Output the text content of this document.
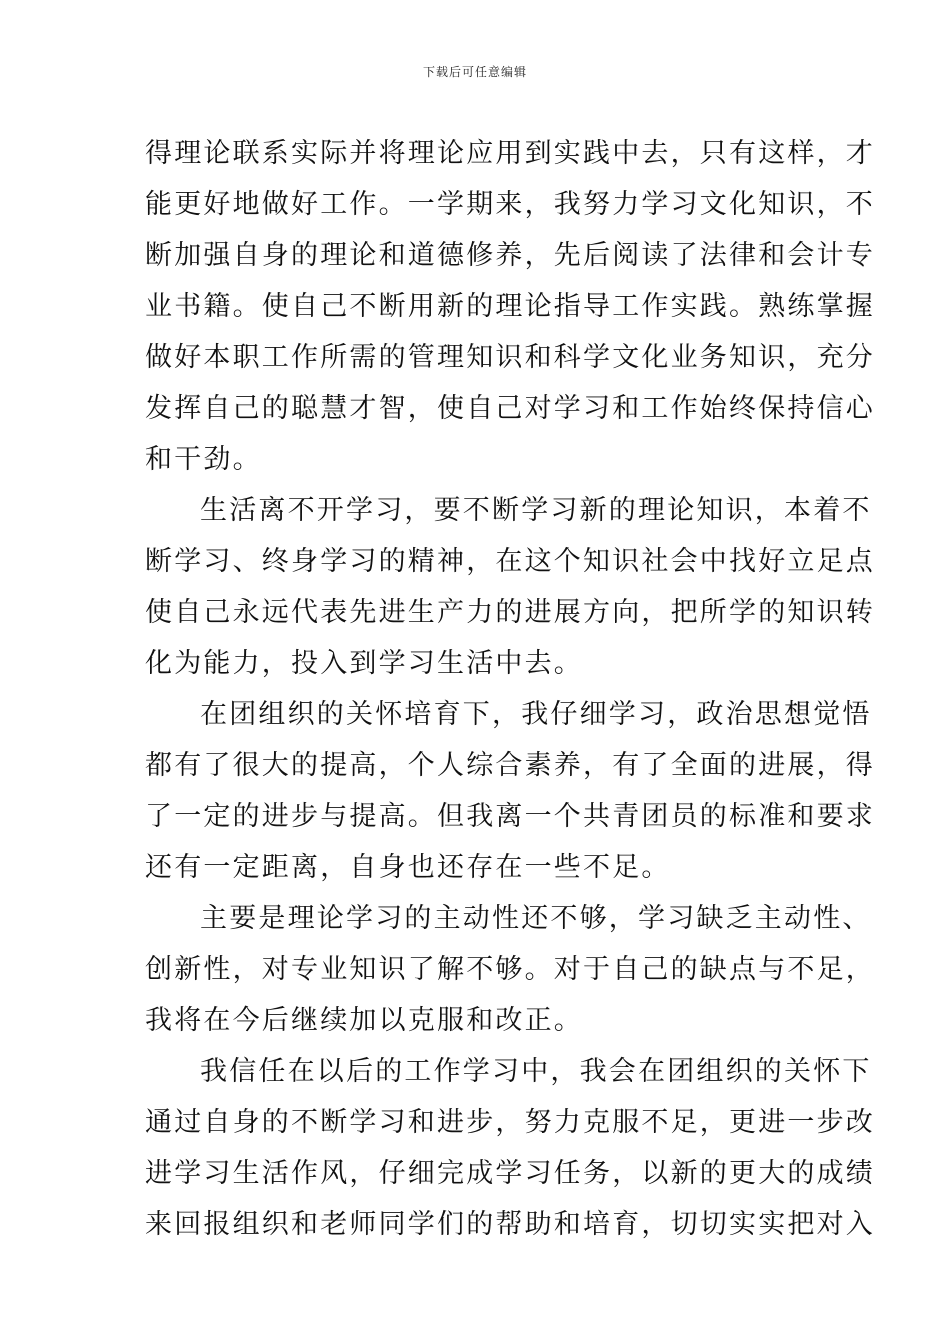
下载后可任意编辑

得理论联系实际并将理论应用到实践中去，只有这样，才
能更好地做好工作。一学期来，我努力学习文化知识，不
断加强自身的理论和道德修养，先后阅读了法律和会计专
业书籍。使自己不断用新的理论指导工作实践。熟练掌握
做好本职工作所需的管理知识和科学文化业务知识，充分
发挥自己的聪慧才智，使自己对学习和工作始终保持信心
和干劲。

生活离不开学习，要不断学习新的理论知识，本着不
断学习、终身学习的精神，在这个知识社会中找好立足点
使自己永远代表先进生产力的进展方向，把所学的知识转
化为能力，投入到学习生活中去。

在团组织的关怀培育下，我仔细学习，政治思想觉悟
都有了很大的提高，个人综合素养，有了全面的进展，得
了一定的进步与提高。但我离一个共青团员的标准和要求
还有一定距离，自身也还存在一些不足。

主要是理论学习的主动性还不够，学习缺乏主动性、
创新性，对专业知识了解不够。对于自己的缺点与不足，
我将在今后继续加以克服和改正。

我信任在以后的工作学习中，我会在团组织的关怀下
通过自身的不断学习和进步，努力克服不足，更进一步改
进学习生活作风，仔细完成学习任务，以新的更大的成绩
来回报组织和老师同学们的帮助和培育，切切实实把对入
